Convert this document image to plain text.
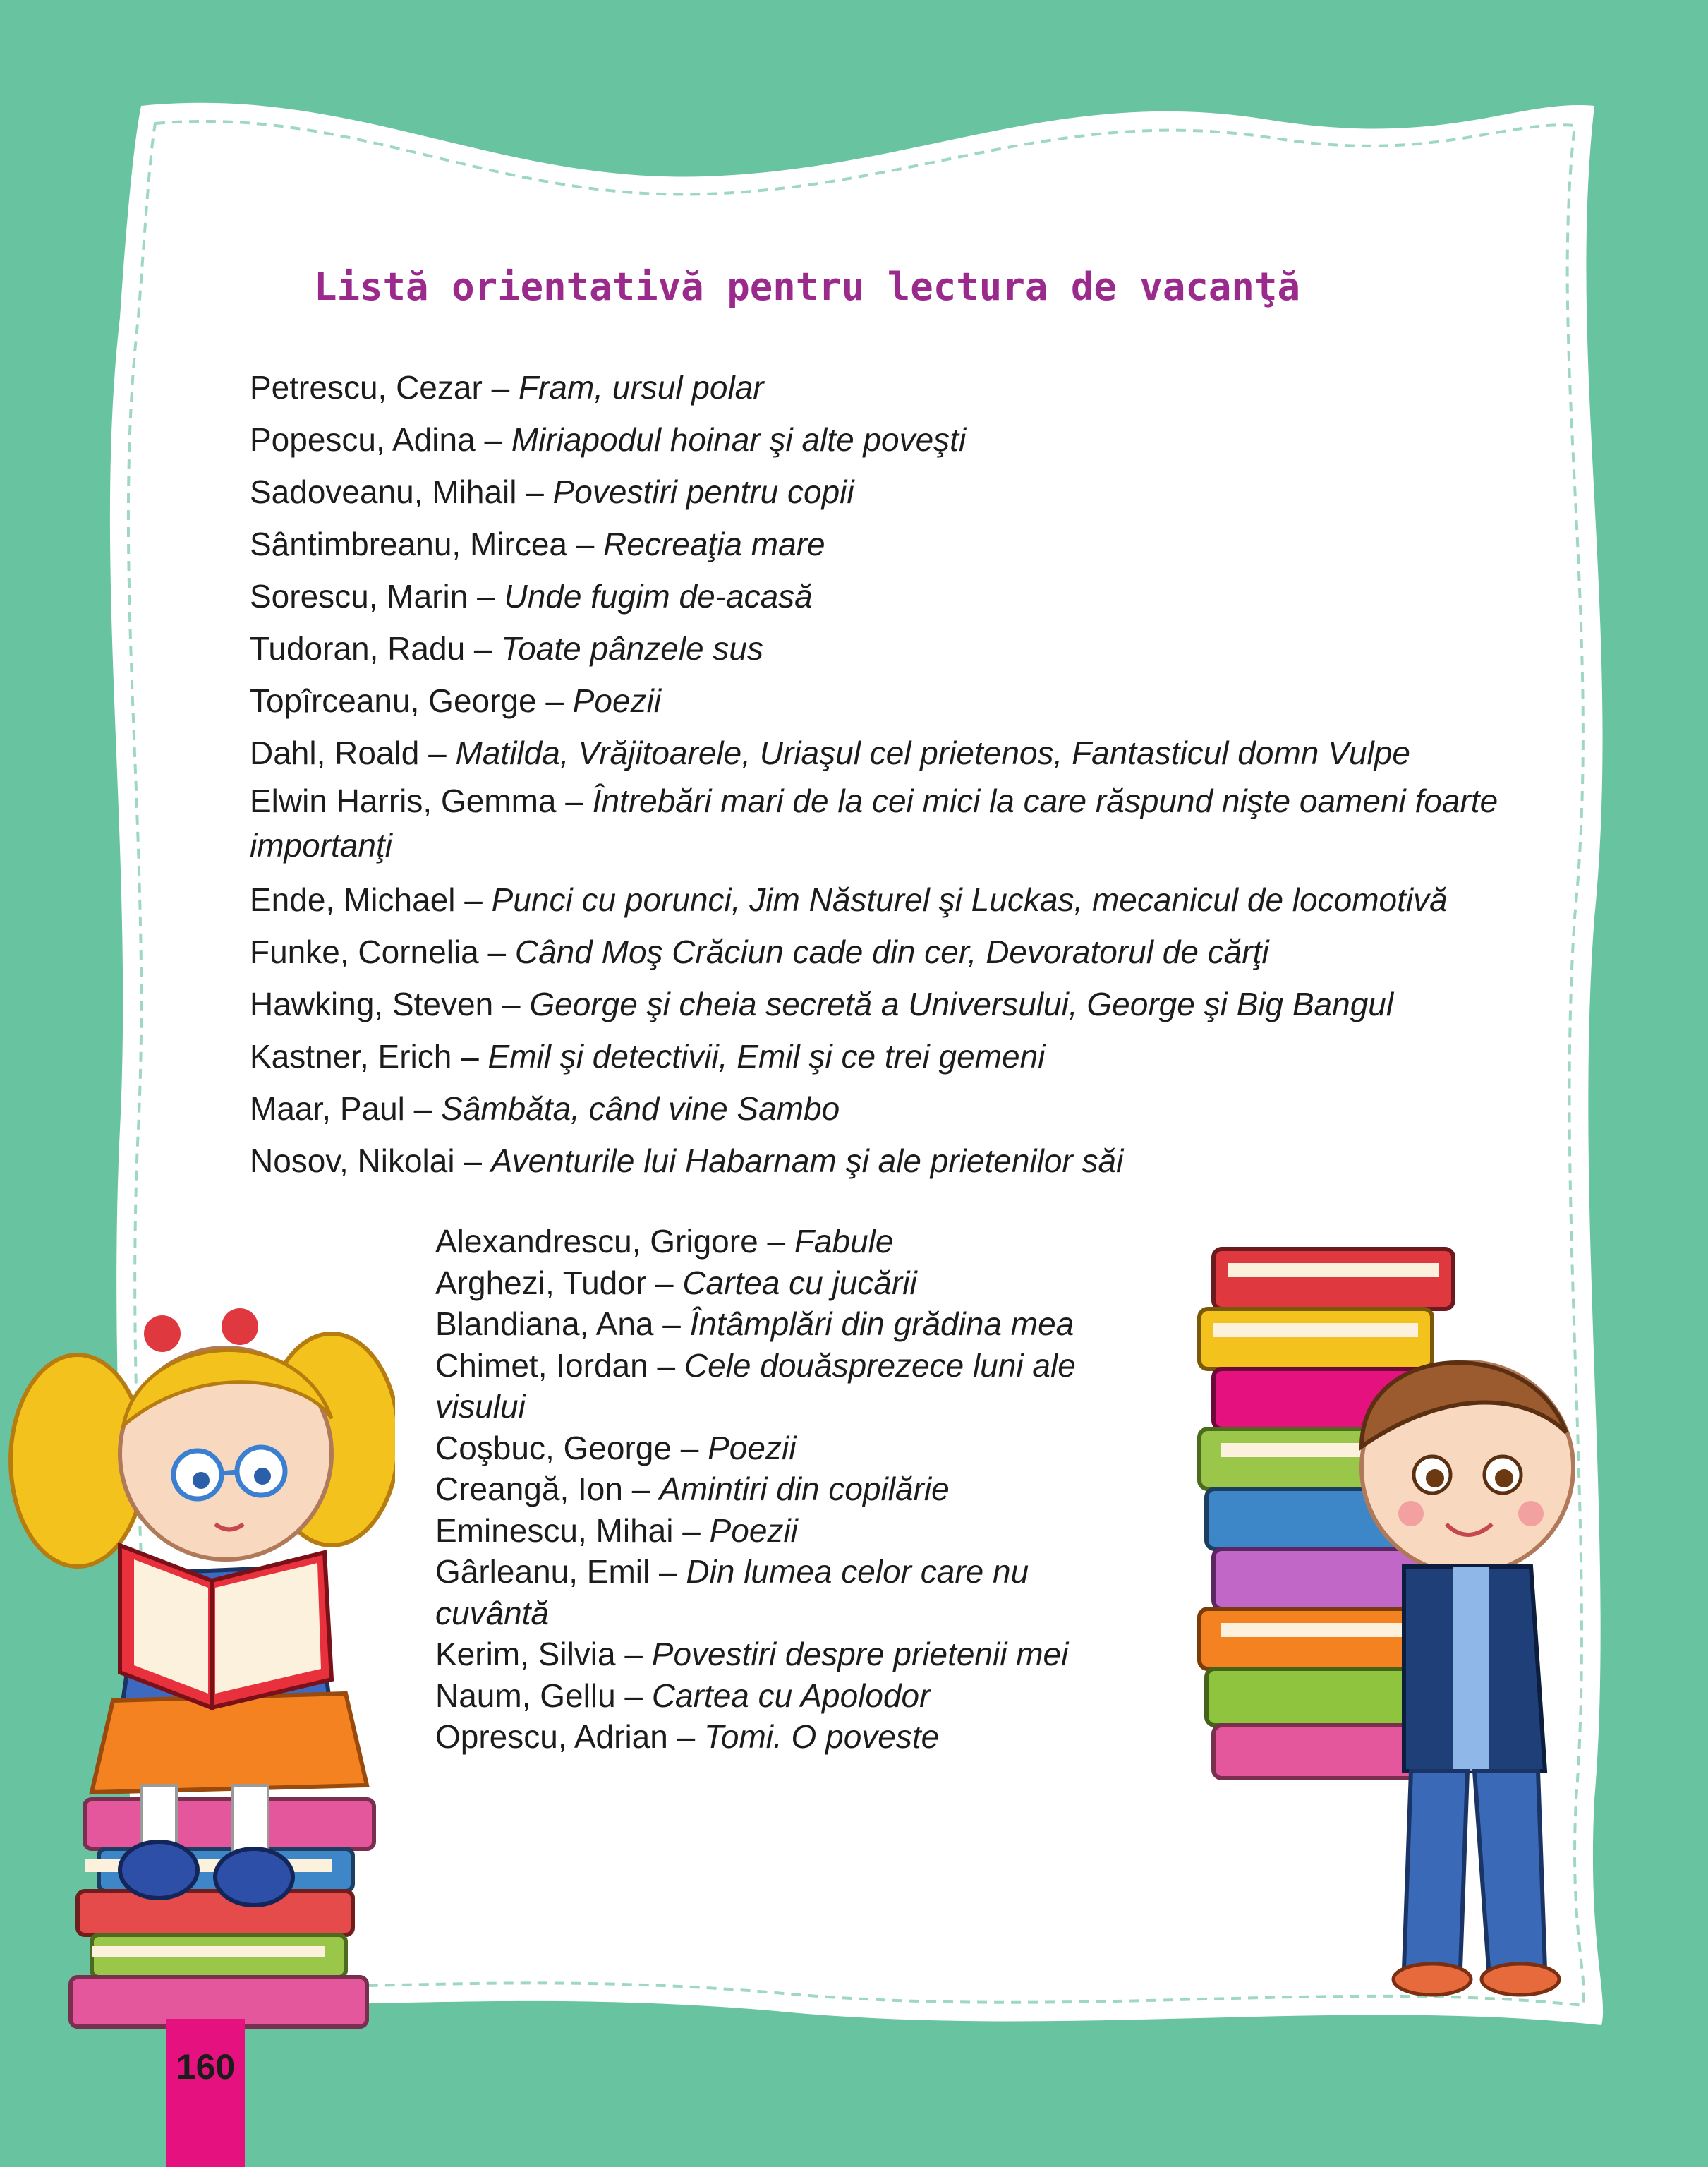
Listă orientativă pentru lectura de vacanţă
Petrescu, Cezar – Fram, ursul polar
Popescu, Adina – Miriapodul hoinar şi alte poveşti
Sadoveanu, Mihail – Povestiri pentru copii
Sântimbreanu, Mircea – Recreaţia mare
Sorescu, Marin – Unde fugim de-acasă
Tudoran, Radu – Toate pânzele sus
Topîrceanu, George – Poezii
Dahl, Roald – Matilda, Vrăjitoarele, Uriaşul cel prietenos, Fantasticul domn Vulpe
Elwin Harris, Gemma – Întrebări mari de la cei mici la care răspund nişte oameni foarte importanţi
Ende, Michael – Punci cu porunci, Jim Năsturel şi Luckas, mecanicul de locomotivă
Funke, Cornelia – Când Moş Crăciun cade din cer, Devoratorul de cărţi
Hawking, Steven – George şi cheia secretă a Universului, George şi Big Bangul
Kastner, Erich – Emil şi detectivii, Emil şi ce trei gemeni
Maar, Paul – Sâmbăta, când vine Sambo
Nosov, Nikolai – Aventurile lui Habarnam şi ale prietenilor săi
Alexandrescu, Grigore – Fabule
Arghezi, Tudor – Cartea cu jucării
Blandiana, Ana – Întâmplări din grădina mea
Chimet, Iordan – Cele douăsprezece luni ale visului
Coşbuc, George – Poezii
Creangă, Ion – Amintiri din copilărie
Eminescu, Mihai – Poezii
Gârleanu, Emil – Din lumea celor care nu cuvântă
Kerim, Silvia – Povestiri despre prietenii mei
Naum, Gellu – Cartea cu Apolodor
Oprescu, Adrian – Tomi. O poveste
160
